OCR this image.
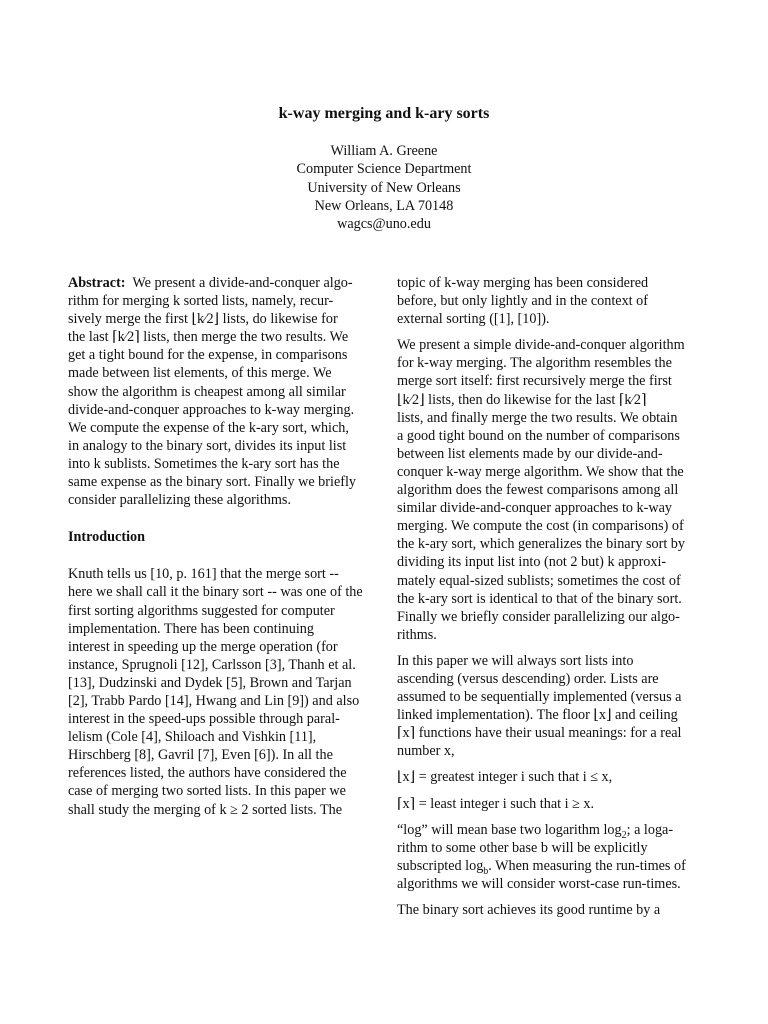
k-way merging and k-ary sorts
William A. Greene
Computer Science Department
University of New Orleans
New Orleans, LA 70148
wagcs@uno.edu
Abstract: We present a divide-and-conquer algo-
rithm for merging k sorted lists, namely, recur-
sively merge the first ⌊k⁄2⌋ lists, do likewise for
the last ⌈k⁄2⌉ lists, then merge the two results. We
get a tight bound for the expense, in comparisons
made between list elements, of this merge. We
show the algorithm is cheapest among all similar
divide-and-conquer approaches to k-way merging.
We compute the expense of the k-ary sort, which,
in analogy to the binary sort, divides its input list
into k sublists. Sometimes the k-ary sort has the
same expense as the binary sort. Finally we briefly
consider parallelizing these algorithms.
Introduction
Knuth tells us [10, p. 161] that the merge sort --
here we shall call it the binary sort -- was one of the
first sorting algorithms suggested for computer
implementation. There has been continuing
interest in speeding up the merge operation (for
instance, Sprugnoli [12], Carlsson [3], Thanh et al.
[13], Dudzinski and Dydek [5], Brown and Tarjan
[2], Trabb Pardo [14], Hwang and Lin [9]) and also
interest in the speed-ups possible through paral-
lelism (Cole [4], Shiloach and Vishkin [11],
Hirschberg [8], Gavril [7], Even [6]). In all the
references listed, the authors have considered the
case of merging two sorted lists. In this paper we
shall study the merging of k ≥ 2 sorted lists. The
topic of k-way merging has been considered
before, but only lightly and in the context of
external sorting ([1], [10]).
We present a simple divide-and-conquer algorithm
for k-way merging. The algorithm resembles the
merge sort itself: first recursively merge the first
⌊k⁄2⌋ lists, then do likewise for the last ⌈k⁄2⌉
lists, and finally merge the two results. We obtain
a good tight bound on the number of comparisons
between list elements made by our divide-and-
conquer k-way merge algorithm. We show that the
algorithm does the fewest comparisons among all
similar divide-and-conquer approaches to k-way
merging. We compute the cost (in comparisons) of
the k-ary sort, which generalizes the binary sort by
dividing its input list into (not 2 but) k approxi-
mately equal-sized sublists; sometimes the cost of
the k-ary sort is identical to that of the binary sort.
Finally we briefly consider parallelizing our algo-
rithms.
In this paper we will always sort lists into
ascending (versus descending) order. Lists are
assumed to be sequentially implemented (versus a
linked implementation). The floor ⌊x⌋ and ceiling
⌈x⌉ functions have their usual meanings: for a real
number x,
⌊x⌋ = greatest integer i such that i ≤ x,
⌈x⌉ = least integer i such that i ≥ x.
“log” will mean base two logarithm $\log_2$; a loga-
rithm to some other base b will be explicitly
subscripted $\log_b$. When measuring the run-times of
algorithms we will consider worst-case run-times.
The binary sort achieves its good runtime by a
